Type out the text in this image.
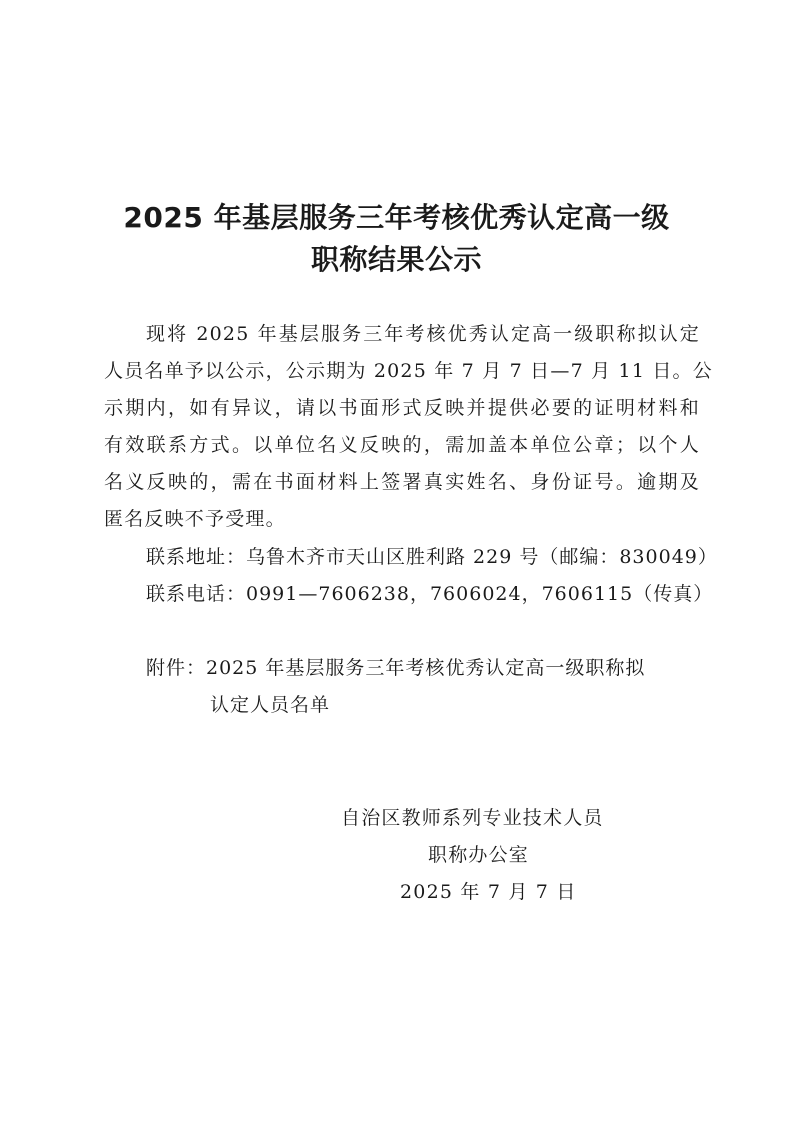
2025 年基层服务三年考核优秀认定高一级
职称结果公示
现将 2025 年基层服务三年考核优秀认定高一级职称拟认定
人员名单予以公示，公示期为 2025 年 7 月 7 日—7 月 11 日。公
示期内，如有异议，请以书面形式反映并提供必要的证明材料和
有效联系方式。以单位名义反映的，需加盖本单位公章；以个人
名义反映的，需在书面材料上签署真实姓名、身份证号。逾期及
匿名反映不予受理。
联系地址：乌鲁木齐市天山区胜利路 229 号（邮编：830049）
联系电话：0991—7606238，7606024，7606115（传真）
附件：2025 年基层服务三年考核优秀认定高一级职称拟
认定人员名单
自治区教师系列专业技术人员
职称办公室
2025 年 7 月 7 日
